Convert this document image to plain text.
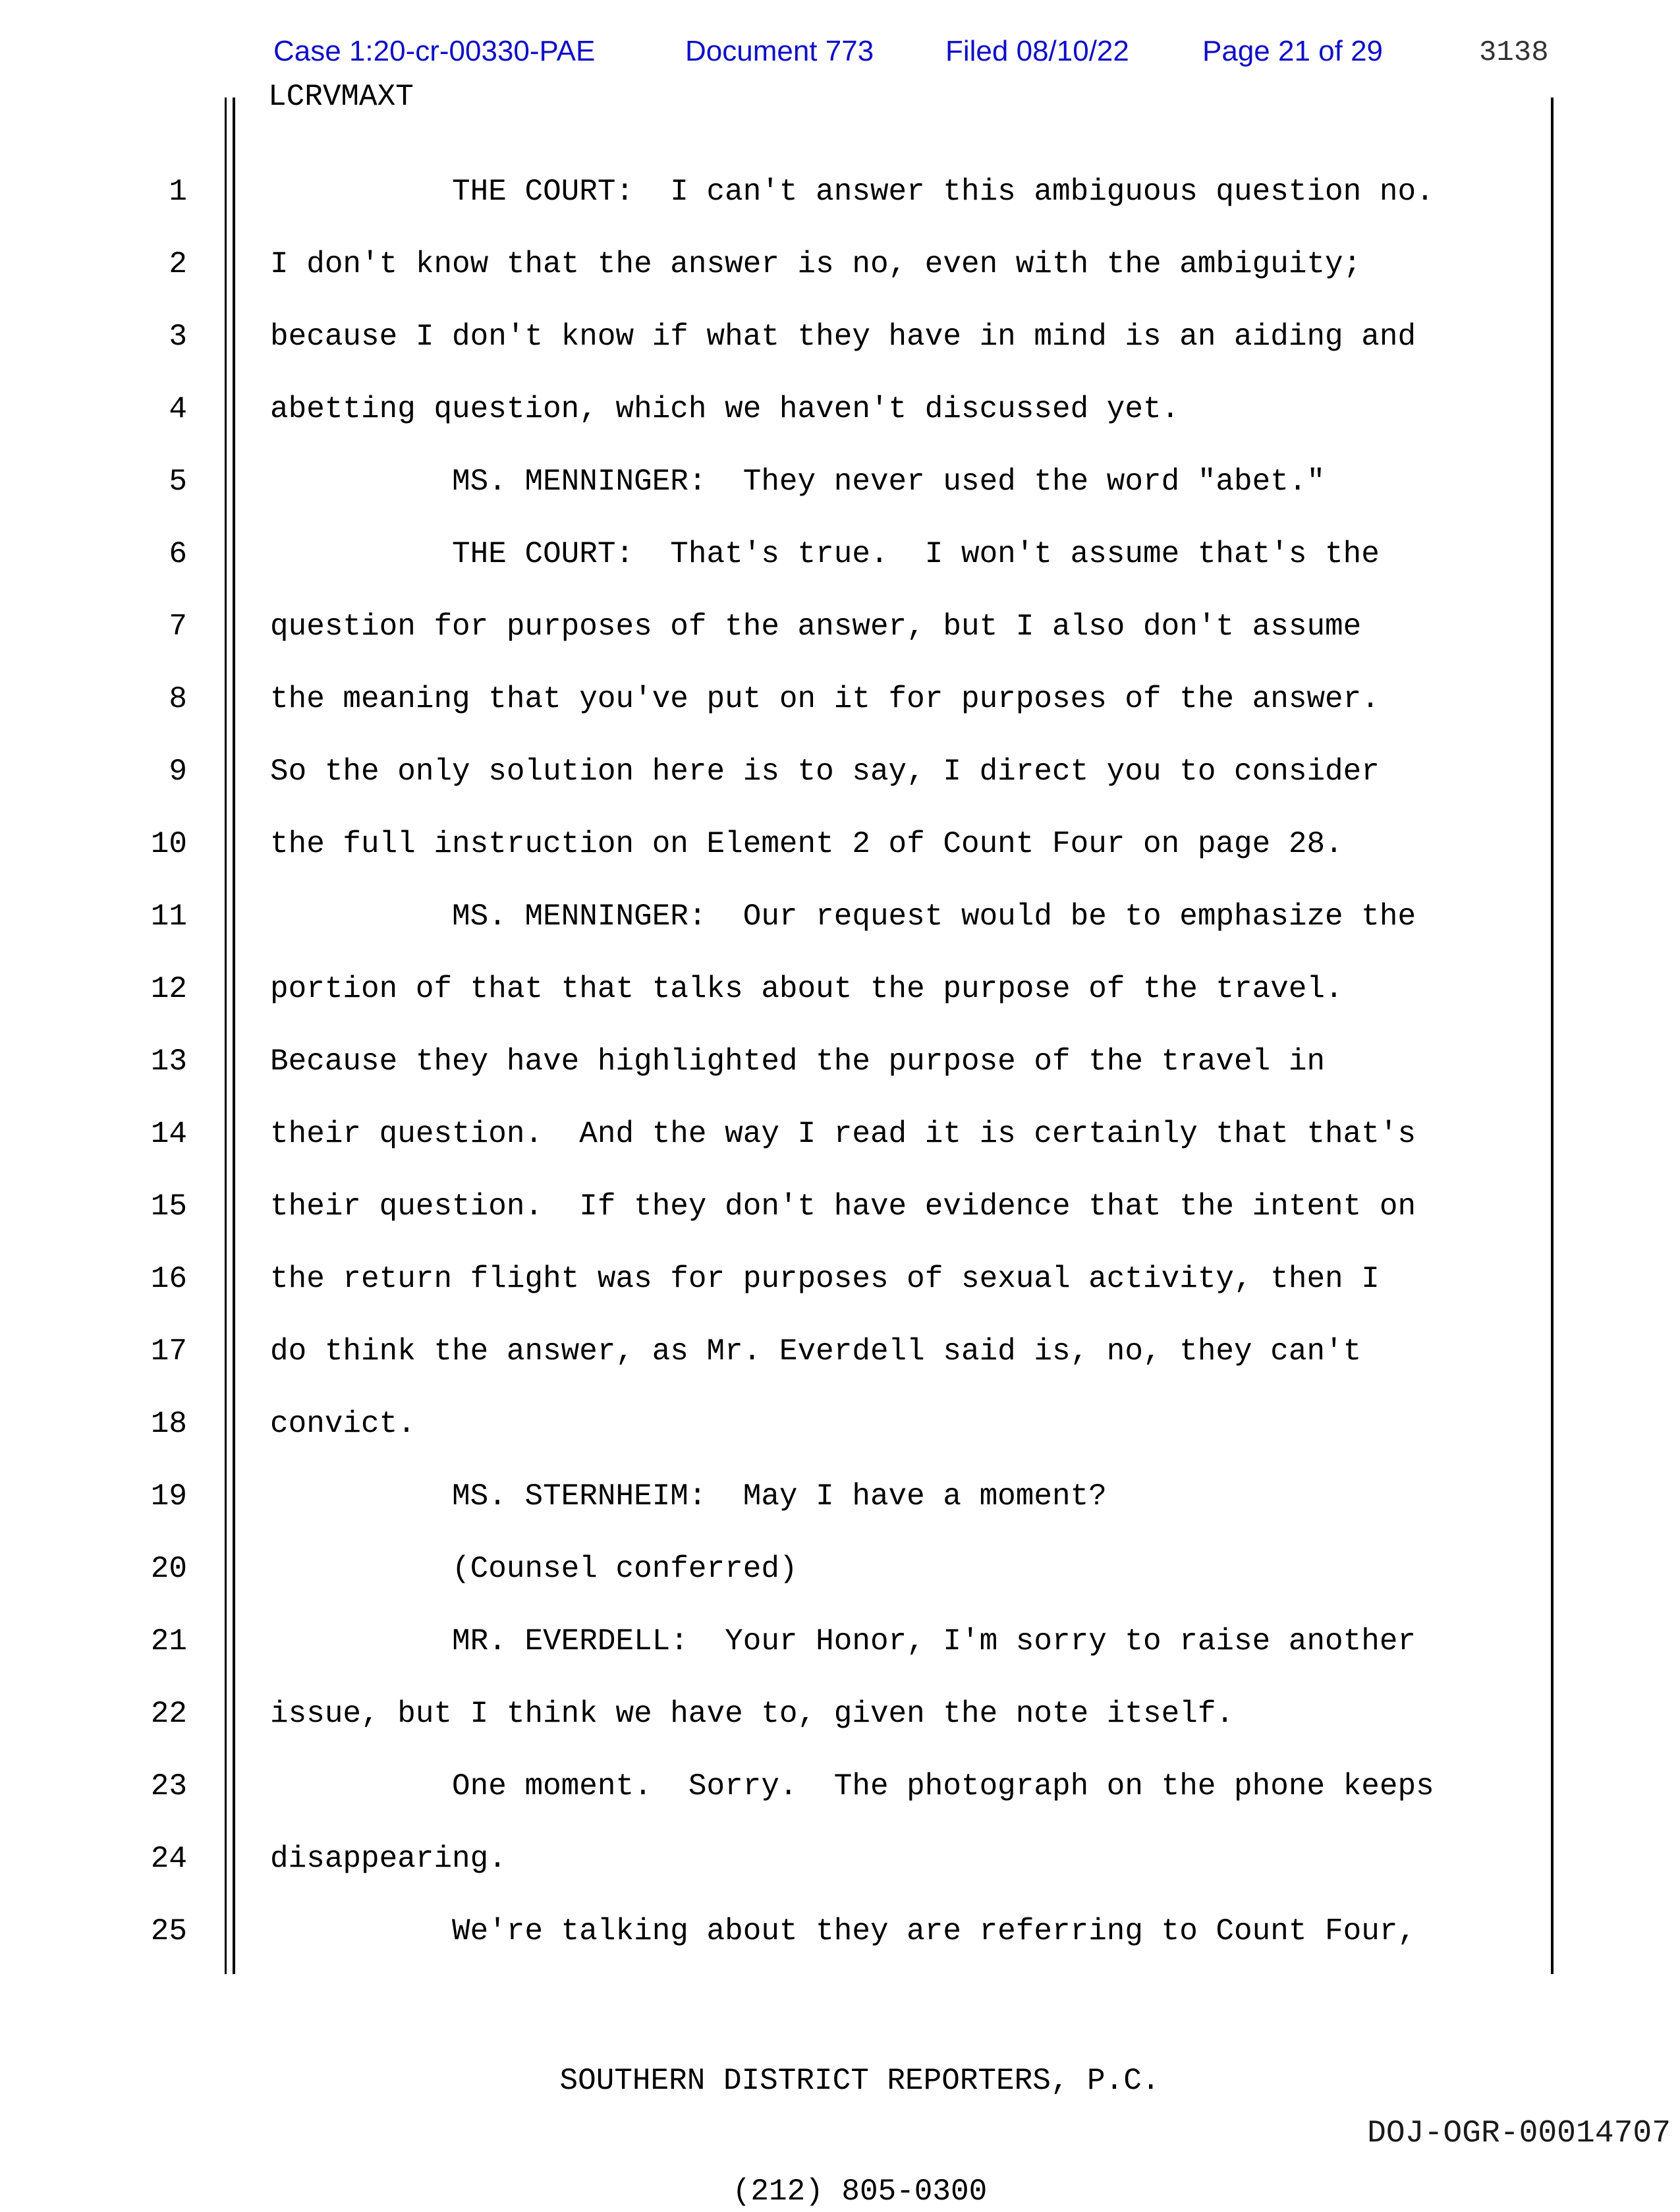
Case 1:20-cr-00330-PAE	Document 773 Filed 08/10/22	Page 21 of 29	3138
LCRVMAXT
1	THE COURT:  I can't answer this ambiguous question no.
2	I don't know that the answer is no, even with the ambiguity;
3	because I don't know if what they have in mind is an aiding and
4	abetting question, which we haven't discussed yet.
5	MS. MENNINGER:  They never used the word "abet."
6	THE COURT:  That's true.  I won't assume that's the
7	question for purposes of the answer, but I also don't assume
8	the meaning that you've put on it for purposes of the answer.
9	So the only solution here is to say, I direct you to consider
10	the full instruction on Element 2 of Count Four on page 28.
11	MS. MENNINGER:  Our request would be to emphasize the
12	portion of that that talks about the purpose of the travel.
13	Because they have highlighted the purpose of the travel in
14	their question.  And the way I read it is certainly that that's
15	their question.  If they don't have evidence that the intent on
16	the return flight was for purposes of sexual activity, then I
17	do think the answer, as Mr. Everdell said is, no, they can't
18	convict.
19	MS. STERNHEIM:  May I have a moment?
20	(Counsel conferred)
21	MR. EVERDELL:  Your Honor, I'm sorry to raise another
22	issue, but I think we have to, given the note itself.
23	One moment.  Sorry.  The photograph on the phone keeps
24	disappearing.
25	We're talking about they are referring to Count Four,

SOUTHERN DISTRICT REPORTERS, P.C.

(212) 805-0300

DOJ-OGR-00014707
